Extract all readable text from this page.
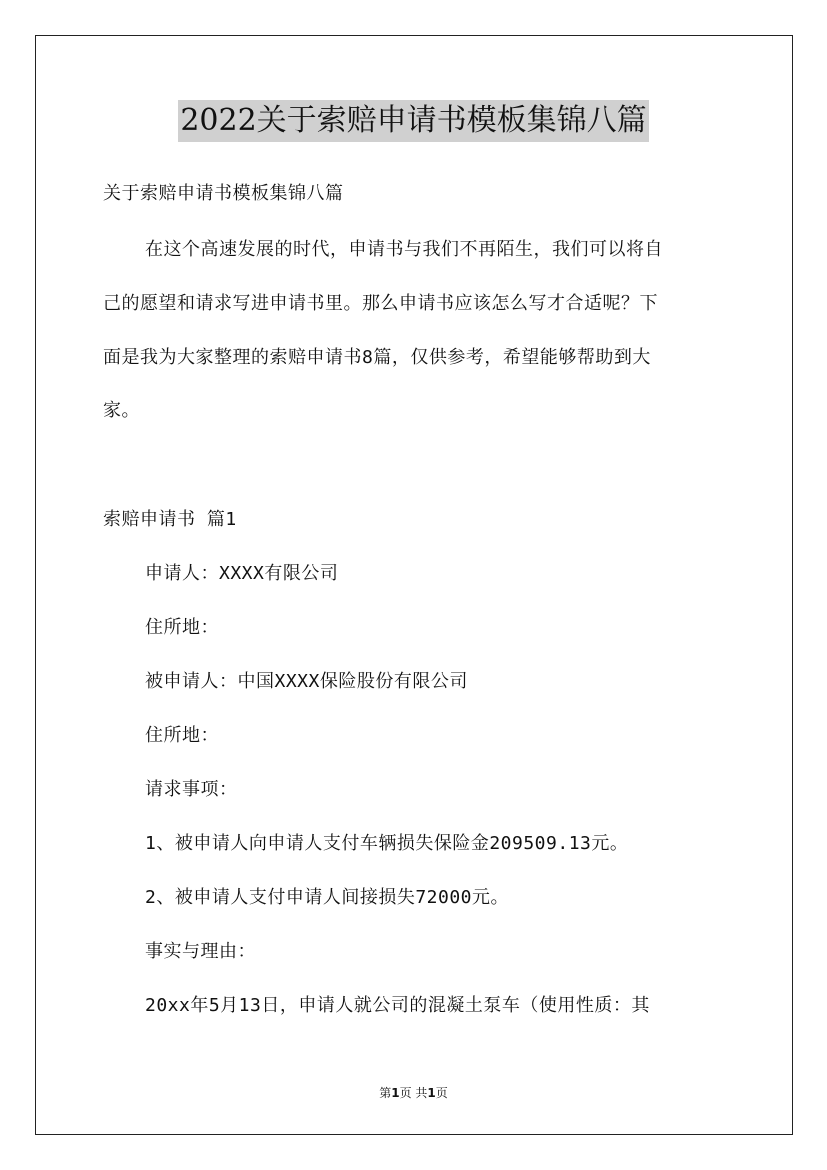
2022关于索赔申请书模板集锦八篇
关于索赔申请书模板集锦八篇
在这个高速发展的时代，申请书与我们不再陌生，我们可以将自
己的愿望和请求写进申请书里。那么申请书应该怎么写才合适呢？下
面是我为大家整理的索赔申请书8篇，仅供参考，希望能够帮助到大
家。
索赔申请书 篇1
申请人：XXXX有限公司
住所地：
被申请人：中国XXXX保险股份有限公司
住所地：
请求事项：
1、被申请人向申请人支付车辆损失保险金209509.13元。
2、被申请人支付申请人间接损失72000元。
事实与理由：
20xx年5月13日，申请人就公司的混凝土泵车（使用性质：其
第1页 共1页
